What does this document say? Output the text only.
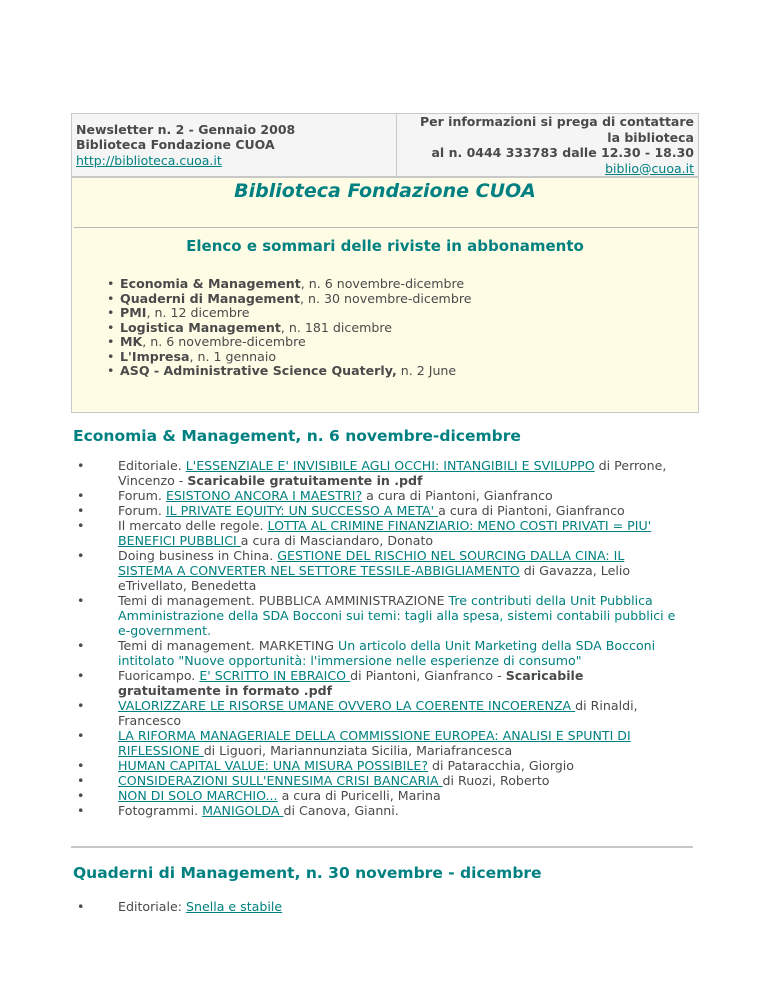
Newsletter n. 2 - Gennaio 2008
Biblioteca Fondazione CUOA
http://biblioteca.cuoa.it	
Per informazioni si prega di contattare
la biblioteca
al n. 0444 333783 dalle 12.30 - 18.30
biblio@cuoa.it
Biblioteca Fondazione CUOA
Elenco e sommari delle riviste in abbonamento
• Economia & Management, n. 6 novembre-dicembre
• Quaderni di Management, n. 30 novembre-dicembre
• PMI, n. 12 dicembre
• Logistica Management, n. 181 dicembre
• MK, n. 6 novembre-dicembre
• L'Impresa, n. 1 gennaio
• ASQ - Administrative Science Quaterly, n. 2 June
Economia & Management, n. 6 novembre-dicembre
• Editoriale. L'ESSENZIALE E' INVISIBILE AGLI OCCHI: INTANGIBILI E SVILUPPO di Perrone, Vincenzo - Scaricabile gratuitamente in .pdf
• Forum. ESISTONO ANCORA I MAESTRI? a cura di Piantoni, Gianfranco
• Forum. IL PRIVATE EQUITY: UN SUCCESSO A META' a cura di Piantoni, Gianfranco
• Il mercato delle regole. LOTTA AL CRIMINE FINANZIARIO: MENO COSTI PRIVATI = PIU' BENEFICI PUBBLICI a cura di Masciandaro, Donato
• Doing business in China. GESTIONE DEL RISCHIO NEL SOURCING DALLA CINA: IL SISTEMA A CONVERTER NEL SETTORE TESSILE-ABBIGLIAMENTO di Gavazza, Lelio eTrivellato, Benedetta
• Temi di management. PUBBLICA AMMINISTRAZIONE Tre contributi della Unit Pubblica Amministrazione della SDA Bocconi sui temi: tagli alla spesa, sistemi contabili pubblici e e-government.
• Temi di management. MARKETING Un articolo della Unit Marketing della SDA Bocconi intitolato "Nuove opportunità: l'immersione nelle esperienze di consumo"
• Fuoricampo. E' SCRITTO IN EBRAICO di Piantoni, Gianfranco - Scaricabile gratuitamente in formato .pdf
• VALORIZZARE LE RISORSE UMANE OVVERO LA COERENTE INCOERENZA di Rinaldi, Francesco
• LA RIFORMA MANAGERIALE DELLA COMMISSIONE EUROPEA: ANALISI E SPUNTI DI RIFLESSIONE di Liguori, Mariannunziata Sicilia, Mariafrancesca
• HUMAN CAPITAL VALUE: UNA MISURA POSSIBILE? di Pataracchia, Giorgio
• CONSIDERAZIONI SULL'ENNESIMA CRISI BANCARIA di Ruozi, Roberto
• NON DI SOLO MARCHIO... a cura di Puricelli, Marina
• Fotogrammi. MANIGOLDA di Canova, Gianni.
Quaderni di Management, n. 30 novembre - dicembre
• Editoriale: Snella e stabile
